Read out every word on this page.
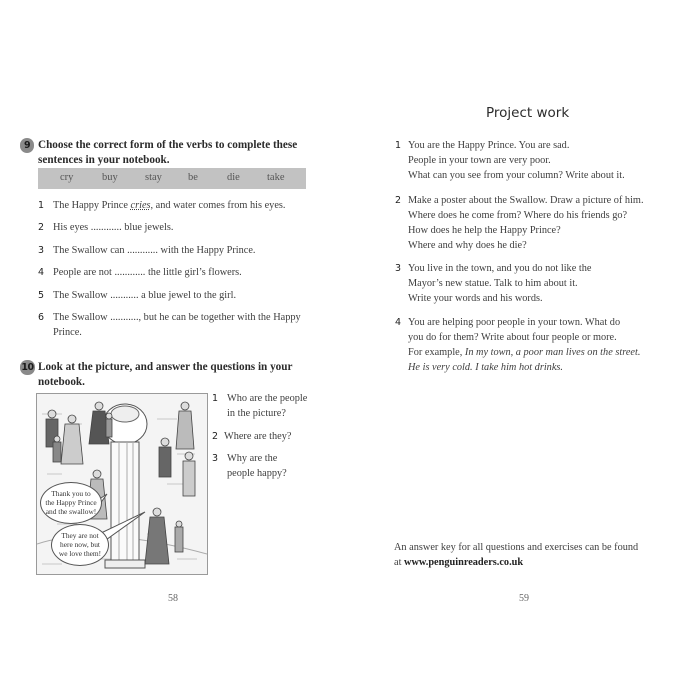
9 Choose the correct form of the verbs to complete these sentences in your notebook.
cry	buy	stay be	die	take
1 The Happy Prince cries, and water comes from his eyes.
2 His eyes ............ blue jewels.
3 The Swallow can ............ with the Happy Prince.
4 People are not ............ the little girl’s flowers.
5 The Swallow ........... a blue jewel to the girl.
6 The Swallow ..........., but he can be together with the Happy Prince.
10 Look at the picture, and answer the questions in your notebook.
Thank you to
the Happy Prince
and the swallow!
They are not
here now, but
we love them!
1 Who are the people in the picture?
2 Where are they?
3 Why are the people happy?
58
Project work
1 You are the Happy Prince. You are sad.
People in your town are very poor.
What can you see from your column? Write about it.
2 Make a poster about the Swallow. Draw a picture of him.
Where does he come from? Where do his friends go?
How does he help the Happy Prince?
Where and why does he die?
3 You live in the town, and you do not like the
Mayor’s new statue. Talk to him about it.
Write your words and his words.
4 You are helping poor people in your town. What do
you do for them? Write about four people or more.
For example, In my town, a poor man lives on the street.
He is very cold. I take him hot drinks.
An answer key for all questions and exercises can be found
at www.penguinreaders.co.uk
59
